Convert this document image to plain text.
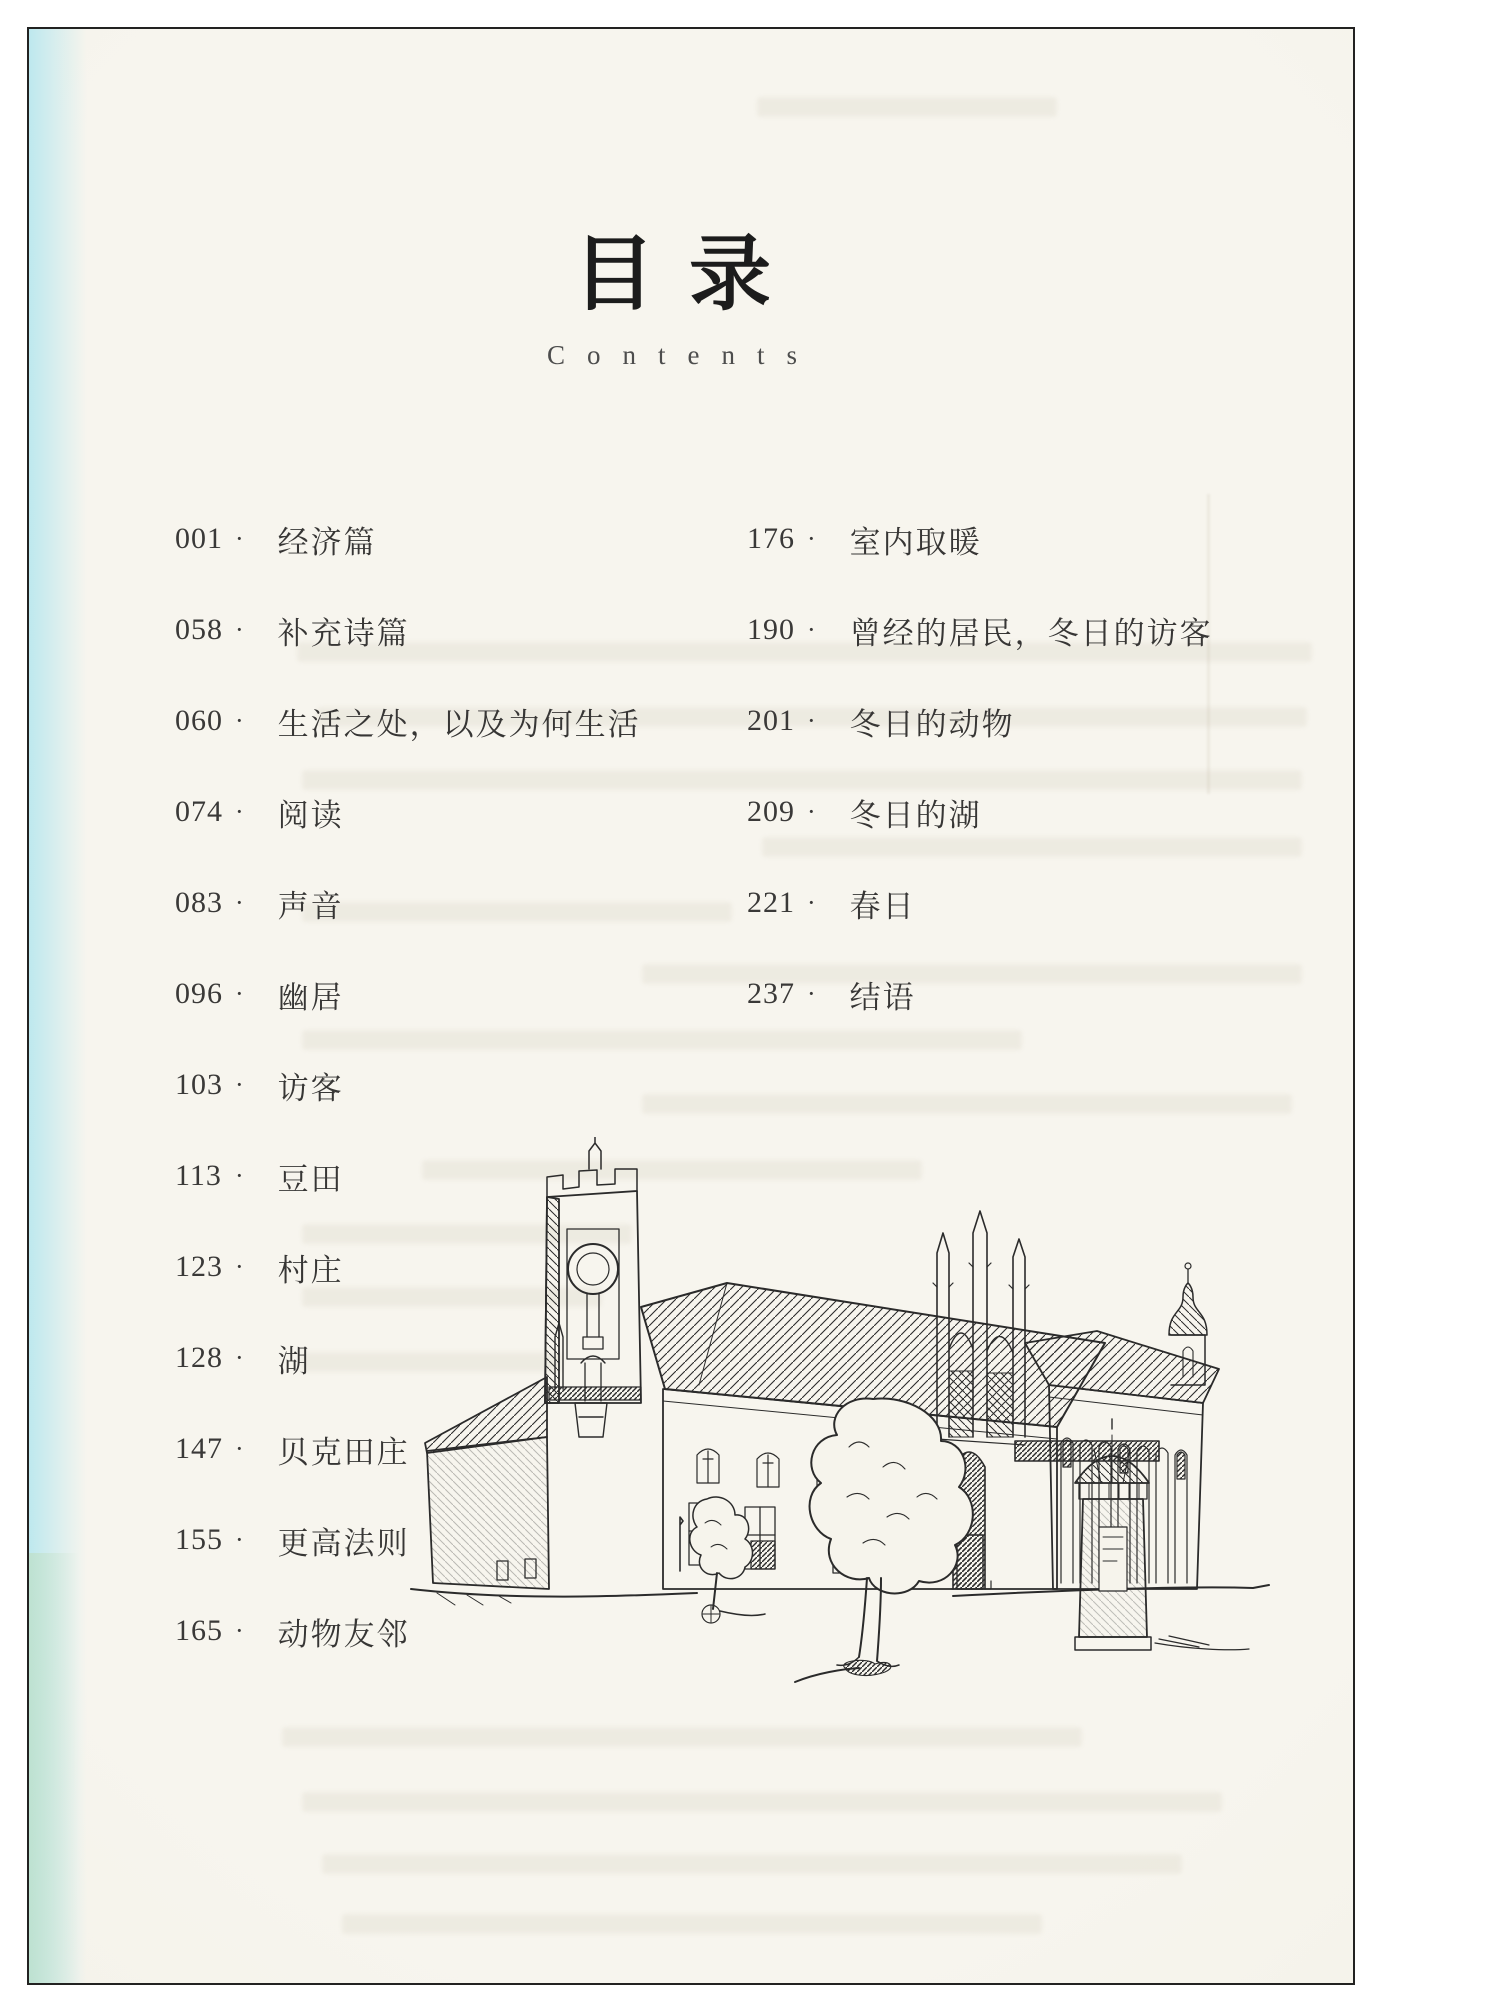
目录
Contents
001 · 经济篇
058 · 补充诗篇
060 · 生活之处，以及为何生活
074 · 阅读
083 · 声音
096 · 幽居
103 · 访客
113 · 豆田
123 · 村庄
128 · 湖
147 · 贝克田庄
155 · 更高法则
165 · 动物友邻
176 · 室内取暖
190 · 曾经的居民，冬日的访客
201 · 冬日的动物
209 · 冬日的湖
221 · 春日
237 · 结语
